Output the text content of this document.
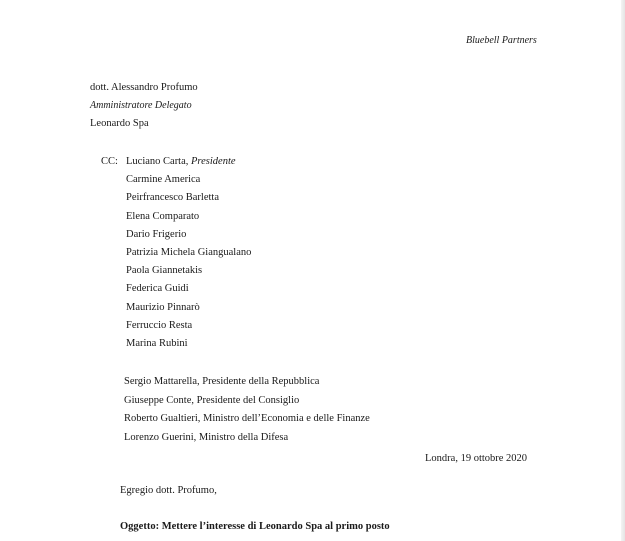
Bluebell Partners
dott. Alessandro Profumo
Amministratore Delegato
Leonardo Spa
CC: Luciano Carta, Presidente
Carmine America
Peirfrancesco Barletta
Elena Comparato
Dario Frigerio
Patrizia Michela Giangualano
Paola Giannetakis
Federica Guidi
Maurizio Pinnarò
Ferruccio Resta
Marina Rubini
Sergio Mattarella, Presidente della Repubblica
Giuseppe Conte, Presidente del Consiglio
Roberto Gualtieri, Ministro dell’Economia e delle Finanze
Lorenzo Guerini, Ministro della Difesa
Londra, 19 ottobre 2020
Egregio dott. Profumo,
Oggetto: Mettere l’interesse di Leonardo Spa al primo posto
